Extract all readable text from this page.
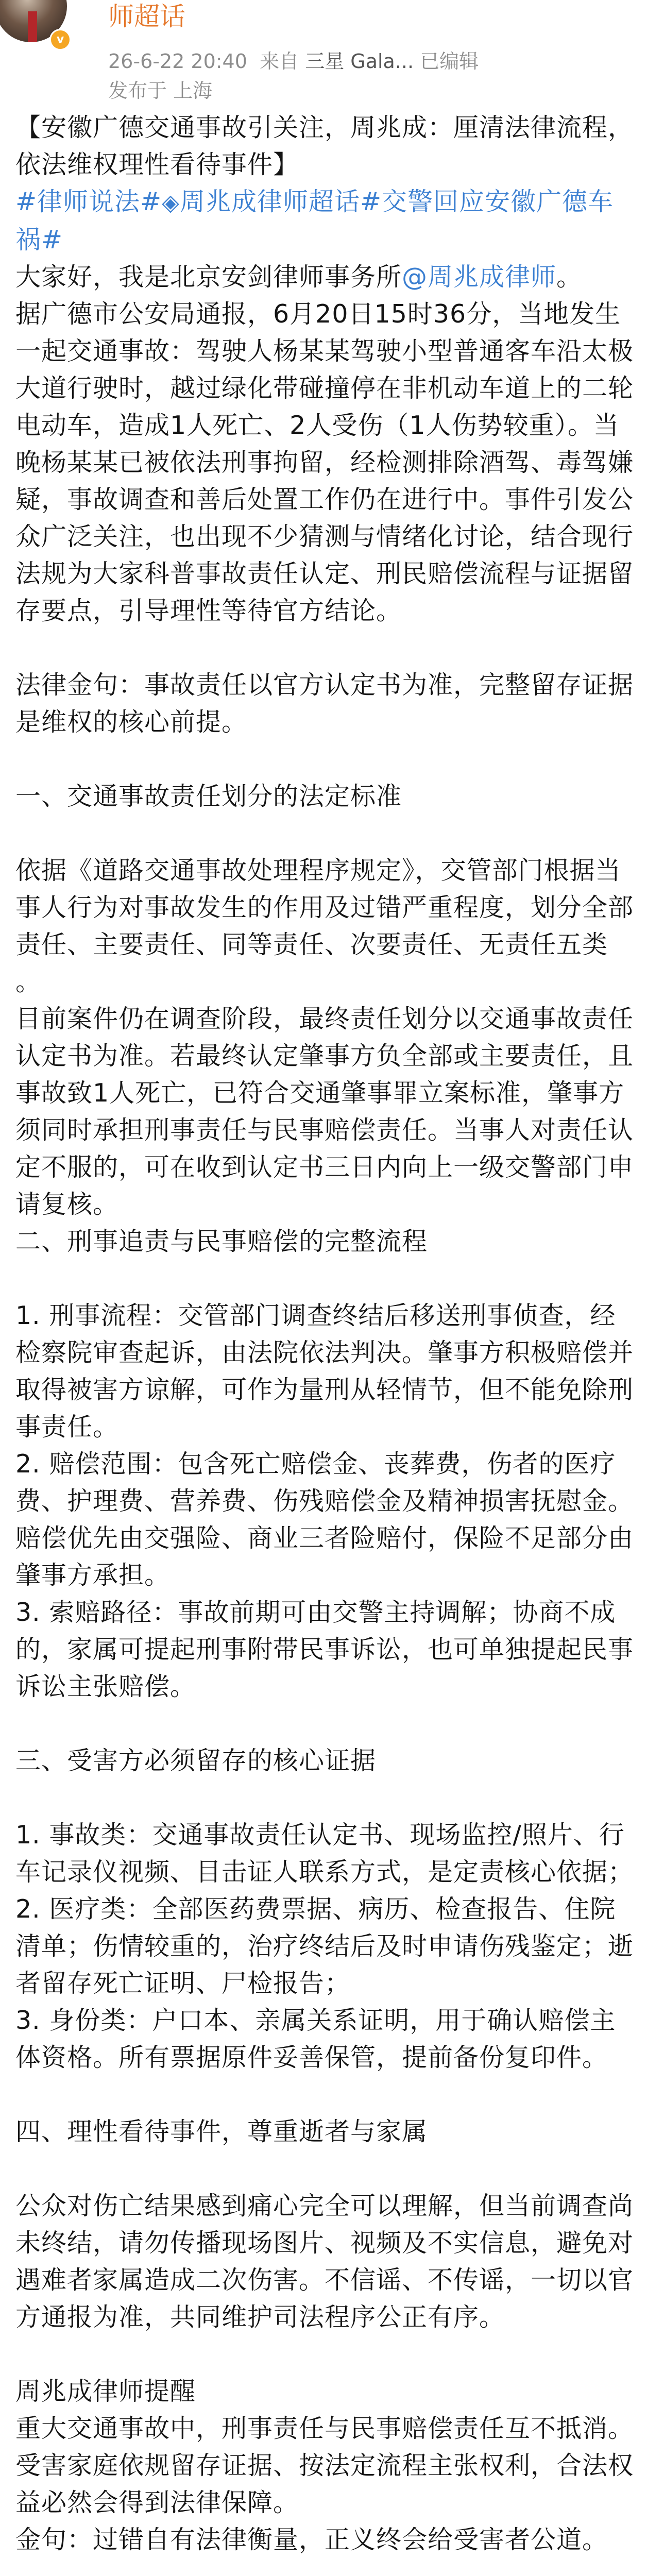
v
师超话
26-6-22 20:40 来自 三星 Gala... 已编辑
发布于 上海

【安徽广德交通事故引关注，周兆成：厘清法律流程，依法维权理性看待事件】

#律师说法#◈周兆成律师超话#交警回应安徽广德车祸#

大家好，我是北京安剑律师事务所@周兆成律师。

据广德市公安局通报，6月20日15时36分，当地发生一起交通事故：驾驶人杨某某驾驶小型普通客车沿太极大道行驶时，越过绿化带碰撞停在非机动车道上的二轮电动车，造成1人死亡、2人受伤（1人伤势较重）。当晚杨某某已被依法刑事拘留，经检测排除酒驾、毒驾嫌疑，事故调查和善后处置工作仍在进行中。事件引发公众广泛关注，也出现不少猜测与情绪化讨论，结合现行法规为大家科普事故责任认定、刑民赔偿流程与证据留存要点，引导理性等待官方结论。

法律金句：事故责任以官方认定书为准，完整留存证据是维权的核心前提。

一、交通事故责任划分的法定标准

依据《道路交通事故处理程序规定》，交管部门根据当事人行为对事故发生的作用及过错严重程度，划分全部责任、主要责任、同等责任、次要责任、无责任五类 。

目前案件仍在调查阶段，最终责任划分以交通事故责任认定书为准。若最终认定肇事方负全部或主要责任，且事故致1人死亡，已符合交通肇事罪立案标准，肇事方须同时承担刑事责任与民事赔偿责任。当事人对责任认定不服的，可在收到认定书三日内向上一级交警部门申请复核。

二、刑事追责与民事赔偿的完整流程

1. 刑事流程：交管部门调查终结后移送刑事侦查，经检察院审查起诉，由法院依法判决。肇事方积极赔偿并取得被害方谅解，可作为量刑从轻情节，但不能免除刑事责任。

2. 赔偿范围：包含死亡赔偿金、丧葬费，伤者的医疗费、护理费、营养费、伤残赔偿金及精神损害抚慰金。赔偿优先由交强险、商业三者险赔付，保险不足部分由肇事方承担。

3. 索赔路径：事故前期可由交警主持调解；协商不成的，家属可提起刑事附带民事诉讼，也可单独提起民事诉讼主张赔偿。

三、受害方必须留存的核心证据

1. 事故类：交通事故责任认定书、现场监控/照片、行车记录仪视频、目击证人联系方式，是定责核心依据；

2. 医疗类：全部医药费票据、病历、检查报告、住院清单；伤情较重的，治疗终结后及时申请伤残鉴定；逝者留存死亡证明、尸检报告；

3. 身份类：户口本、亲属关系证明，用于确认赔偿主体资格。所有票据原件妥善保管，提前备份复印件。

四、理性看待事件，尊重逝者与家属

公众对伤亡结果感到痛心完全可以理解，但当前调查尚未终结，请勿传播现场图片、视频及不实信息，避免对遇难者家属造成二次伤害。不信谣、不传谣，一切以官方通报为准，共同维护司法程序公正有序。

周兆成律师提醒

重大交通事故中，刑事责任与民事赔偿责任互不抵消。受害家庭依规留存证据、按法定流程主张权利，合法权益必然会得到法律保障。

金句：过错自有法律衡量，正义终会给受害者公道。
